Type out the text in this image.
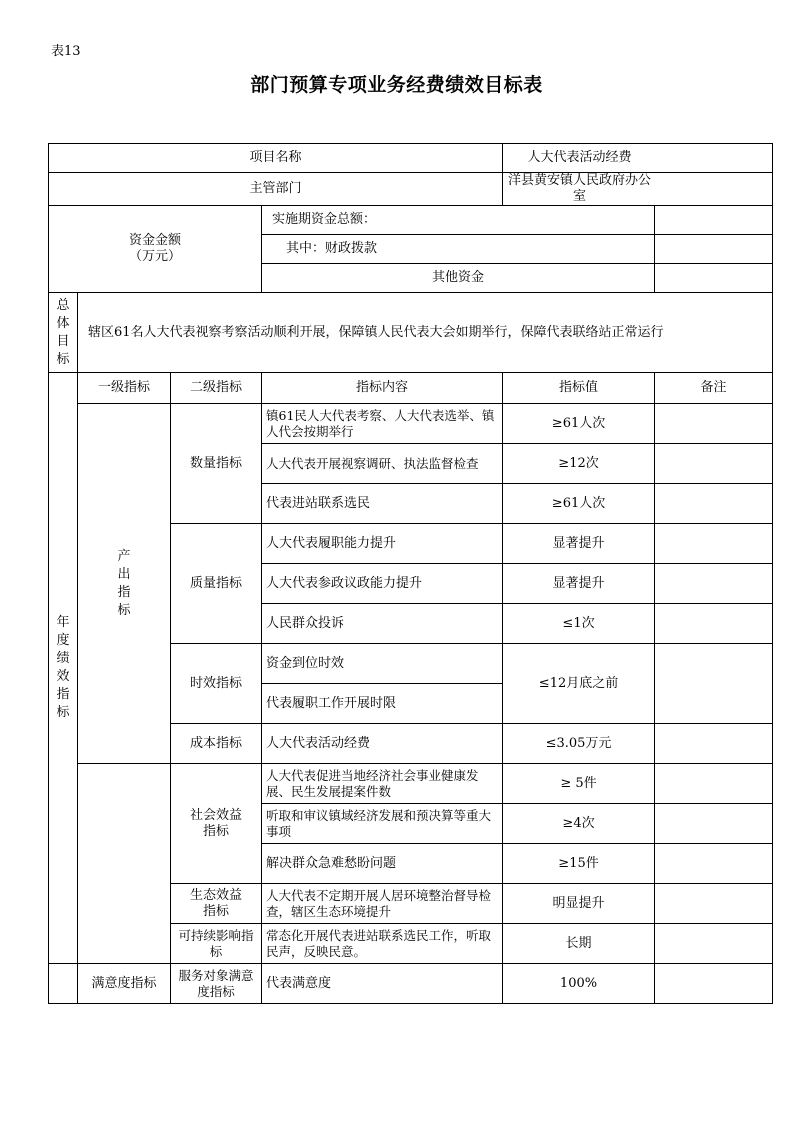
表13
部门预算专项业务经费绩效目标表
项目名称				人大代表活动经费	
主管部门				洋县黄安镇人民政府办公室	
资金金额
（万元）			实施期资金总额：		
			其中：财政拨款		
			其他资金		
总体目标	辖区61名人大代表视察考察活动顺利开展，保障镇人民代表大会如期举行，保障代表联络站正常运行				
年度绩效指标	一级指标	二级指标	指标内容	指标值	备注
	产出指标	数量指标	镇61民人大代表考察、人大代表选举、镇人代会按期举行	≥61人次	
			人大代表开展视察调研、执法监督检查	≥12次	
			代表进站联系选民	≥61人次	
		质量指标	人大代表履职能力提升	显著提升	
			人大代表参政议政能力提升	显著提升	
			人民群众投诉	≤1次	
		时效指标	资金到位时效	≤12月底之前	
			代表履职工作开展时限		
		成本指标	人大代表活动经费	≤3.05万元	
		社会效益指标	人大代表促进当地经济社会事业健康发展、民生发展提案件数	≥ 5件	
			听取和审议镇域经济发展和预决算等重大事项	≥4次	
			解决群众急难愁盼问题	≥15件	
		生态效益指标	人大代表不定期开展人居环境整治督导检查，辖区生态环境提升	明显提升	
		可持续影响指标	常态化开展代表进站联系选民工作，听取民声，反映民意。	长期	
	满意度指标	服务对象满意度指标	代表满意度	100%	
